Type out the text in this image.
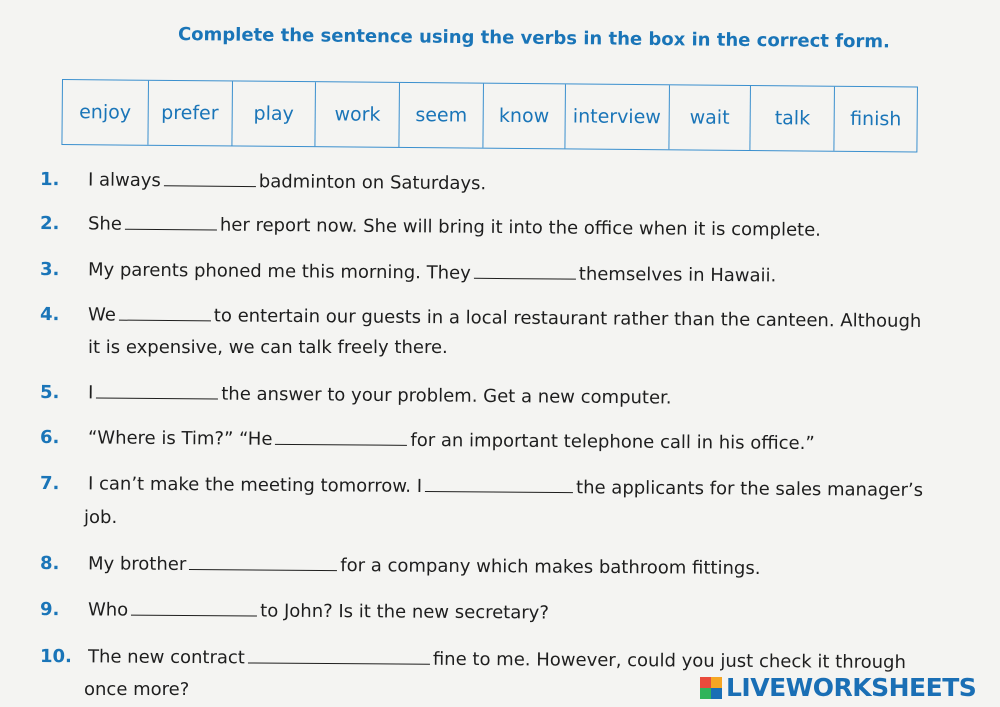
Complete the sentence using the verbs in the box in the correct form.
enjoy	prefer	play	work	seem	know	interview	wait	talk	finish
1. I always	badminton on Saturdays.
2. She	her report now. She will bring it into the office when it is complete.
3. My parents phoned me this morning. They	themselves in Hawaii.
4. We	to entertain our guests in a local restaurant rather than the canteen. Although
it is expensive, we can talk freely there.
5. I	the answer to your problem. Get a new computer.
6. “Where is Tim?” “He	for an important telephone call in his office.”
7. I can’t make the meeting tomorrow. I	the applicants for the sales manager’s
job.
8. My brother	for a company which makes bathroom fittings.
9. Who	to John? Is it the new secretary?
10. The new contract	fine to me. However, could you just check it through
once more?	LIVEWORKSHEETS
